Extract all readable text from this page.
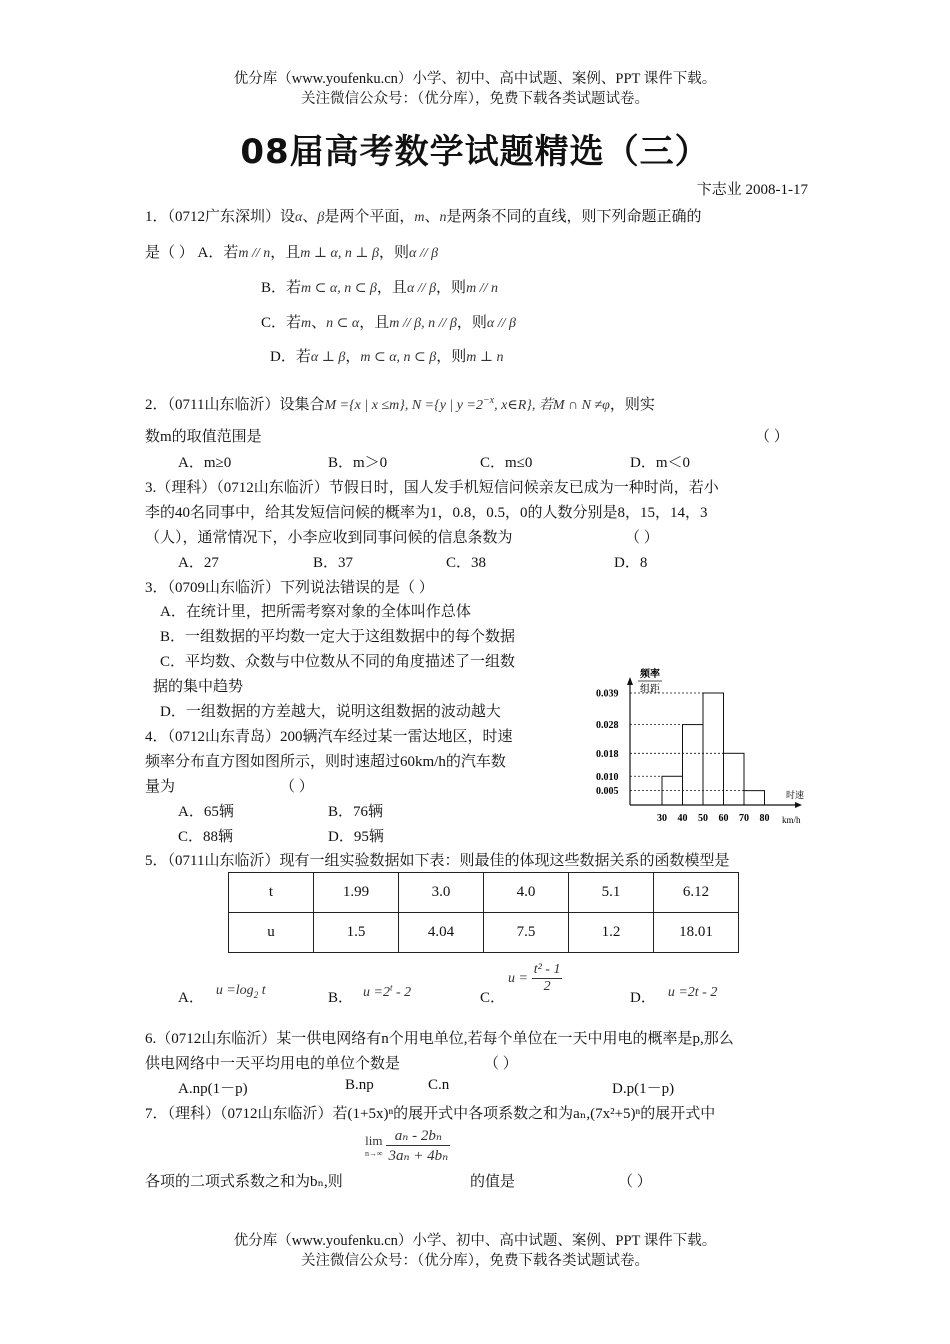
优分库（www.youfenku.cn）小学、初中、高中试题、案例、PPT 课件下载。
关注微信公众号：（优分库），免费下载各类试题试卷。
08届高考数学试题精选（三）
卞志业 2008-1-17
1．（0712广东深圳）设α、β是两个平面，m、n是两条不同的直线，则下列命题正确的
是（ ） A．若m // n，且m ⊥ α, n ⊥ β，则α // β
B．若m ⊂ α, n ⊂ β，且α // β，则m // n
C．若m、n ⊂ α，且m // β, n // β，则α // β
D．若α ⊥ β，m ⊂ α, n ⊂ β，则m ⊥ n
2．（0711山东临沂）设集合M ={x | x ≤m}, N ={y | $y =2^{-x}$, x∈R}, 若M ∩ N ≠φ，则实
数m的取值范围是	（ ）
A．m≥0	B．m＞0	C．m≤0	D．m＜0
3.（理科）（0712山东临沂）节假日时，国人发手机短信问候亲友已成为一种时尚，若小
李的40名同事中，给其发短信问候的概率为1，0.8，0.5，0的人数分别是8，15，14，3
（人），通常情况下，小李应收到同事问候的信息条数为	（ ）
A．27	B．37	C．38	D．8
3．（0709山东临沂）下列说法错误的是（ ）
A．在统计里，把所需考察对象的全体叫作总体
B．一组数据的平均数一定大于这组数据中的每个数据
C．平均数、众数与中位数从不同的角度描述了一组数
据的集中趋势
D．一组数据的方差越大，说明这组数据的波动越大
4．（0712山东青岛）200辆汽车经过某一雷达地区，时速
频率分布直方图如图所示，则时速超过60km/h的汽车数
量为	（ ）
A．65辆	B．76辆
C．88辆	D．95辆
频率
组距
时速
km/h
0.005
0.010
0.018
0.028
0.039
30 40 50 60 70 80
5．（0711山东临沂）现有一组实验数据如下表：则最佳的体现这些数据关系的函数模型是
t	1.99	3.0	4.0	5.1	6.12
u	1.5	4.04	7.5	1.2	18.01
A． $u =\log_2$ t	B． $u =2^t - 2$	C．
$u = \frac{\text{t² - 1}}{2}$
D． u =2t - 2
6.（0712山东临沂）某一供电网络有n个用电单位,若每个单位在一天中用电的概率是p,那么
供电网络中一天平均用电的单位个数是	（ ）
A.np(1－p)	B.np	C.n	D.p(1－p)
7．（理科）（0712山东临沂）若(1+5x)ⁿ的展开式中各项系数之和为aₙ,(7x²+5)ⁿ的展开式中
lim
n→∞
$\frac{\text{aₙ - 2bₙ}}{\text{3aₙ + 4bₙ}}$
各项的二项式系数之和为bₙ,则	的值是	（ ）
优分库（www.youfenku.cn）小学、初中、高中试题、案例、PPT 课件下载。
关注微信公众号：（优分库），免费下载各类试题试卷。
